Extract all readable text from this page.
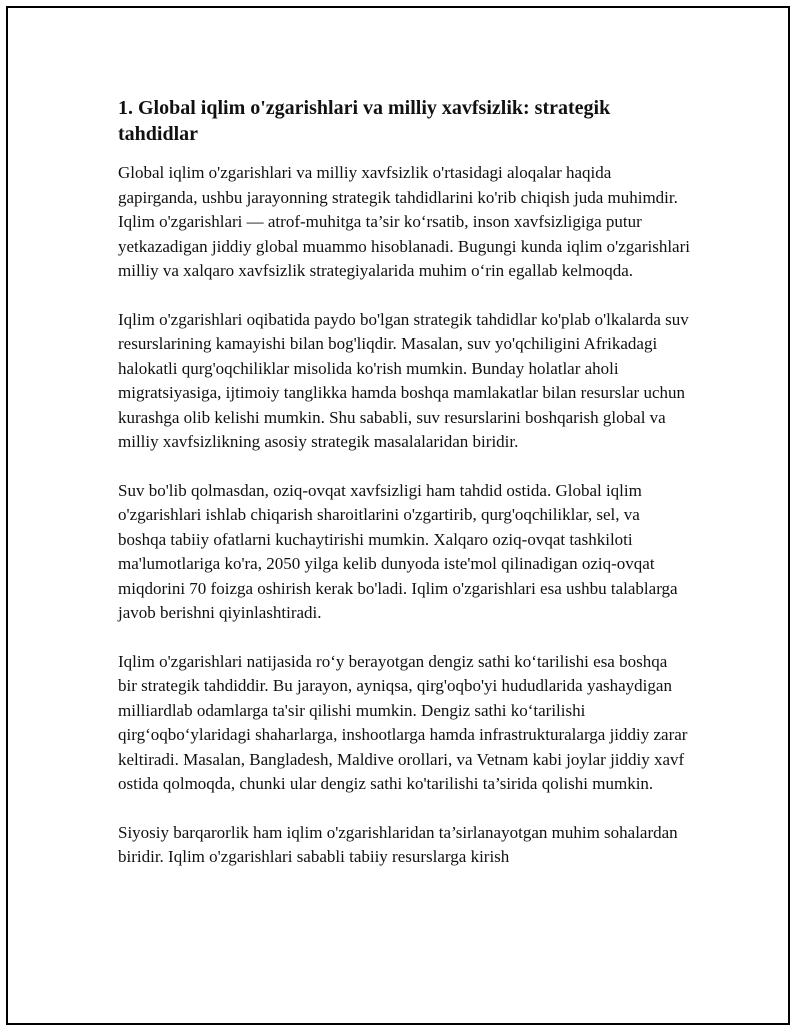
1. Global iqlim o'zgarishlari va milliy xavfsizlik: strategik tahdidlar

Global iqlim o'zgarishlari va milliy xavfsizlik o'rtasidagi aloqalar haqida gapirganda, ushbu jarayonning strategik tahdidlarini ko'rib chiqish juda muhimdir. Iqlim o'zgarishlari — atrof-muhitga ta’sir ko‘rsatib, inson xavfsizligiga putur yetkazadigan jiddiy global muammo hisoblanadi. Bugungi kunda iqlim o'zgarishlari milliy va xalqaro xavfsizlik strategiyalarida muhim o‘rin egallab kelmoqda.

Iqlim o'zgarishlari oqibatida paydo bo'lgan strategik tahdidlar ko'plab o'lkalarda suv resurslarining kamayishi bilan bog'liqdir. Masalan, suv yo'qchiligini Afrikadagi halokatli qurg'oqchiliklar misolida ko'rish mumkin. Bunday holatlar aholi migratsiyasiga, ijtimoiy tanglikka hamda boshqa mamlakatlar bilan resurslar uchun kurashga olib kelishi mumkin. Shu sababli, suv resurslarini boshqarish global va milliy xavfsizlikning asosiy strategik masalalaridan biridir.

Suv bo'lib qolmasdan, oziq-ovqat xavfsizligi ham tahdid ostida. Global iqlim o'zgarishlari ishlab chiqarish sharoitlarini o'zgartirib, qurg'oqchiliklar, sel, va boshqa tabiiy ofatlarni kuchaytirishi mumkin. Xalqaro oziq-ovqat tashkiloti ma'lumotlariga ko'ra, 2050 yilga kelib dunyoda iste'mol qilinadigan oziq-ovqat miqdorini 70 foizga oshirish kerak bo'ladi. Iqlim o'zgarishlari esa ushbu talablarga javob berishni qiyinlashtiradi.

Iqlim o'zgarishlari natijasida ro‘y berayotgan dengiz sathi ko‘tarilishi esa boshqa bir strategik tahdiddir. Bu jarayon, ayniqsa, qirg'oqbo'yi hududlarida yashaydigan milliardlab odamlarga ta'sir qilishi mumkin. Dengiz sathi ko‘tarilishi qirg‘oqbo‘ylaridagi shaharlarga, inshootlarga hamda infrastrukturalarga jiddiy zarar keltiradi. Masalan, Bangladesh, Maldive orollari, va Vetnam kabi joylar jiddiy xavf ostida qolmoqda, chunki ular dengiz sathi ko'tarilishi ta’sirida qolishi mumkin.

Siyosiy barqarorlik ham iqlim o'zgarishlaridan ta’sirlanayotgan muhim sohalardan biridir. Iqlim o'zgarishlari sababli tabiiy resurslarga kirish
